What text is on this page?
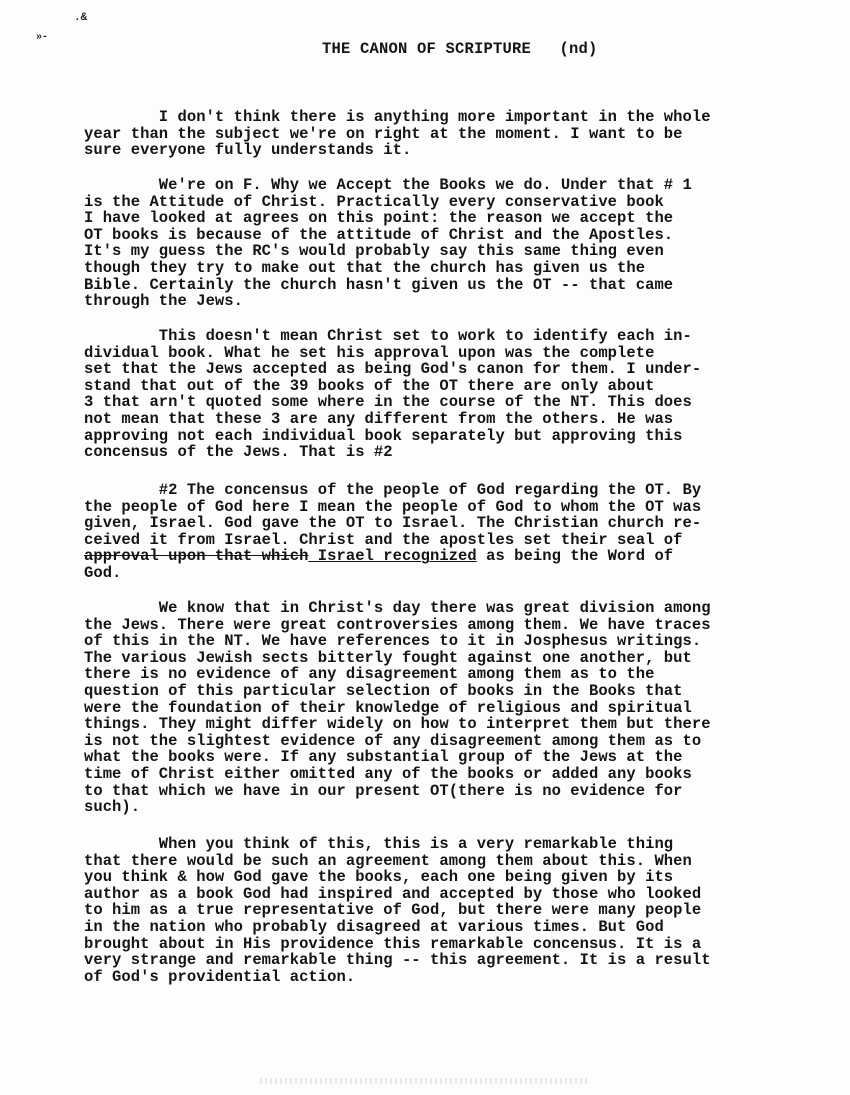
.&
»-
THE CANON OF SCRIPTURE   (nd)
I don't think there is anything more important in the whole
year than the subject we're on right at the moment. I want to be
sure everyone fully understands it.
We're on F. Why we Accept the Books we do. Under that # 1
is the Attitude of Christ. Practically every conservative book
I have looked at agrees on this point: the reason we accept the
OT books is because of the attitude of Christ and the Apostles.
It's my guess the RC's would probably say this same thing even
though they try to make out that the church has given us the
Bible. Certainly the church hasn't given us the OT -- that came
through the Jews.
This doesn't mean Christ set to work to identify each in-
dividual book. What he set his approval upon was the complete
set that the Jews accepted as being God's canon for them. I under-
stand that out of the 39 books of the OT there are only about
3 that arn't quoted some where in the course of the NT. This does
not mean that these 3 are any different from the others. He was
approving not each individual book separately but approving this
concensus of the Jews. That is #2
#2 The concensus of the people of God regarding the OT. By
the people of God here I mean the people of God to whom the OT was
given, Israel. God gave the OT to Israel. The Christian church re-
ceived it from Israel. Christ and the apostles set their seal of
approval upon that which Israel recognized as being the Word of
God.
We know that in Christ's day there was great division among
the Jews. There were great controversies among them. We have traces
of this in the NT. We have references to it in Josphesus writings.
The various Jewish sects bitterly fought against one another, but
there is no evidence of any disagreement among them as to the
question of this particular selection of books in the Books that
were the foundation of their knowledge of religious and spiritual
things. They might differ widely on how to interpret them but there
is not the slightest evidence of any disagreement among them as to
what the books were. If any substantial group of the Jews at the
time of Christ either omitted any of the books or added any books
to that which we have in our present OT(there is no evidence for
such).
When you think of this, this is a very remarkable thing
that there would be such an agreement among them about this. When
you think & how God gave the books, each one being given by its
author as a book God had inspired and accepted by those who looked
to him as a true representative of God, but there were many people
in the nation who probably disagreed at various times. But God
brought about in His providence this remarkable concensus. It is a
very strange and remarkable thing -- this agreement. It is a result
of God's providential action.
